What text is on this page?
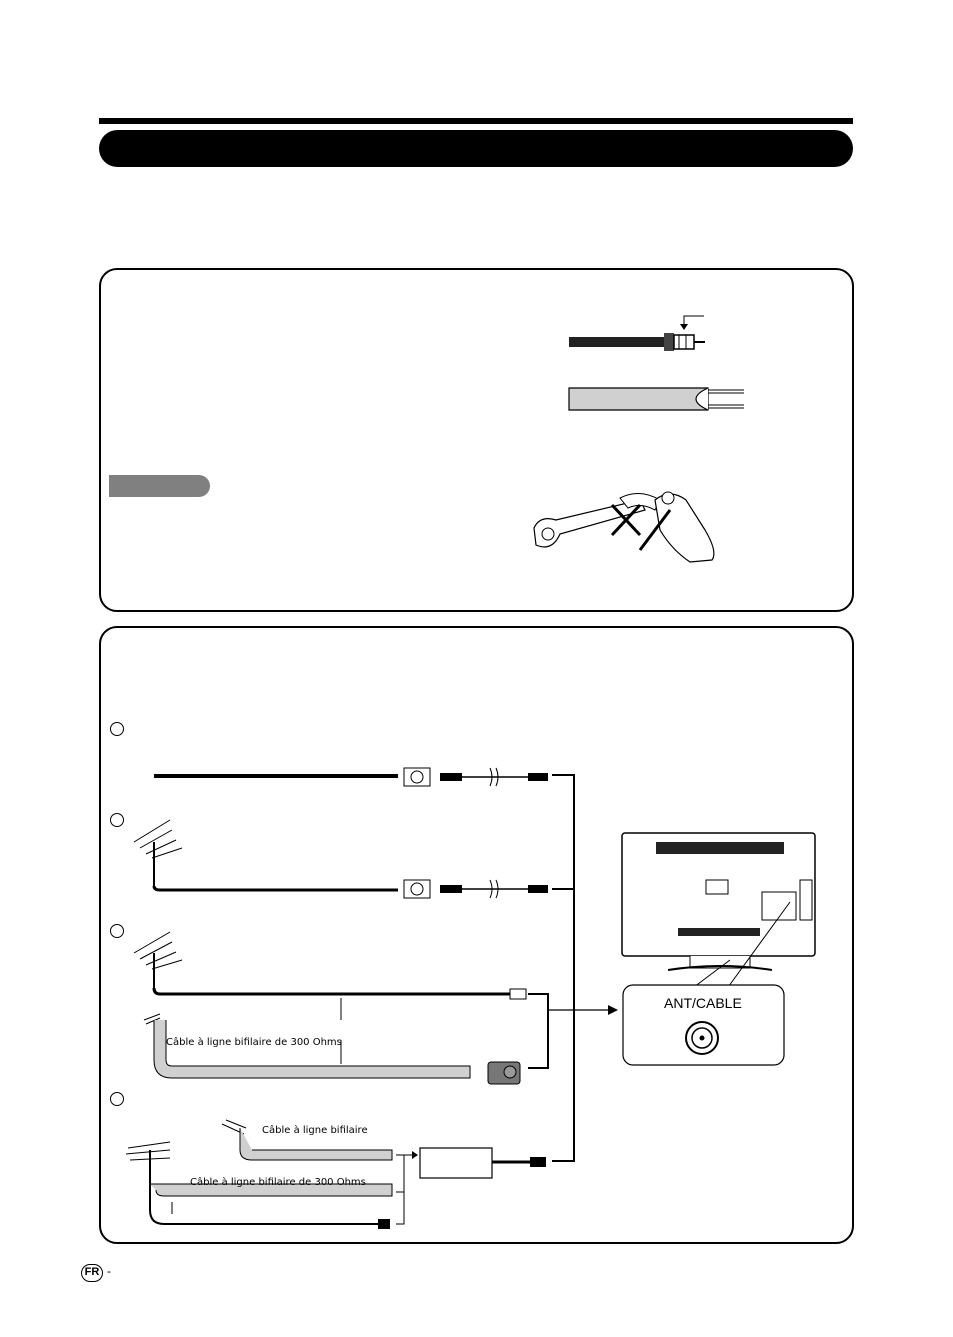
Câble à ligne bifilaire de 300 Ohms
Câble à ligne bifilaire
Câble à ligne bifilaire de 300 Ohms
ANT/CABLE
FR -
